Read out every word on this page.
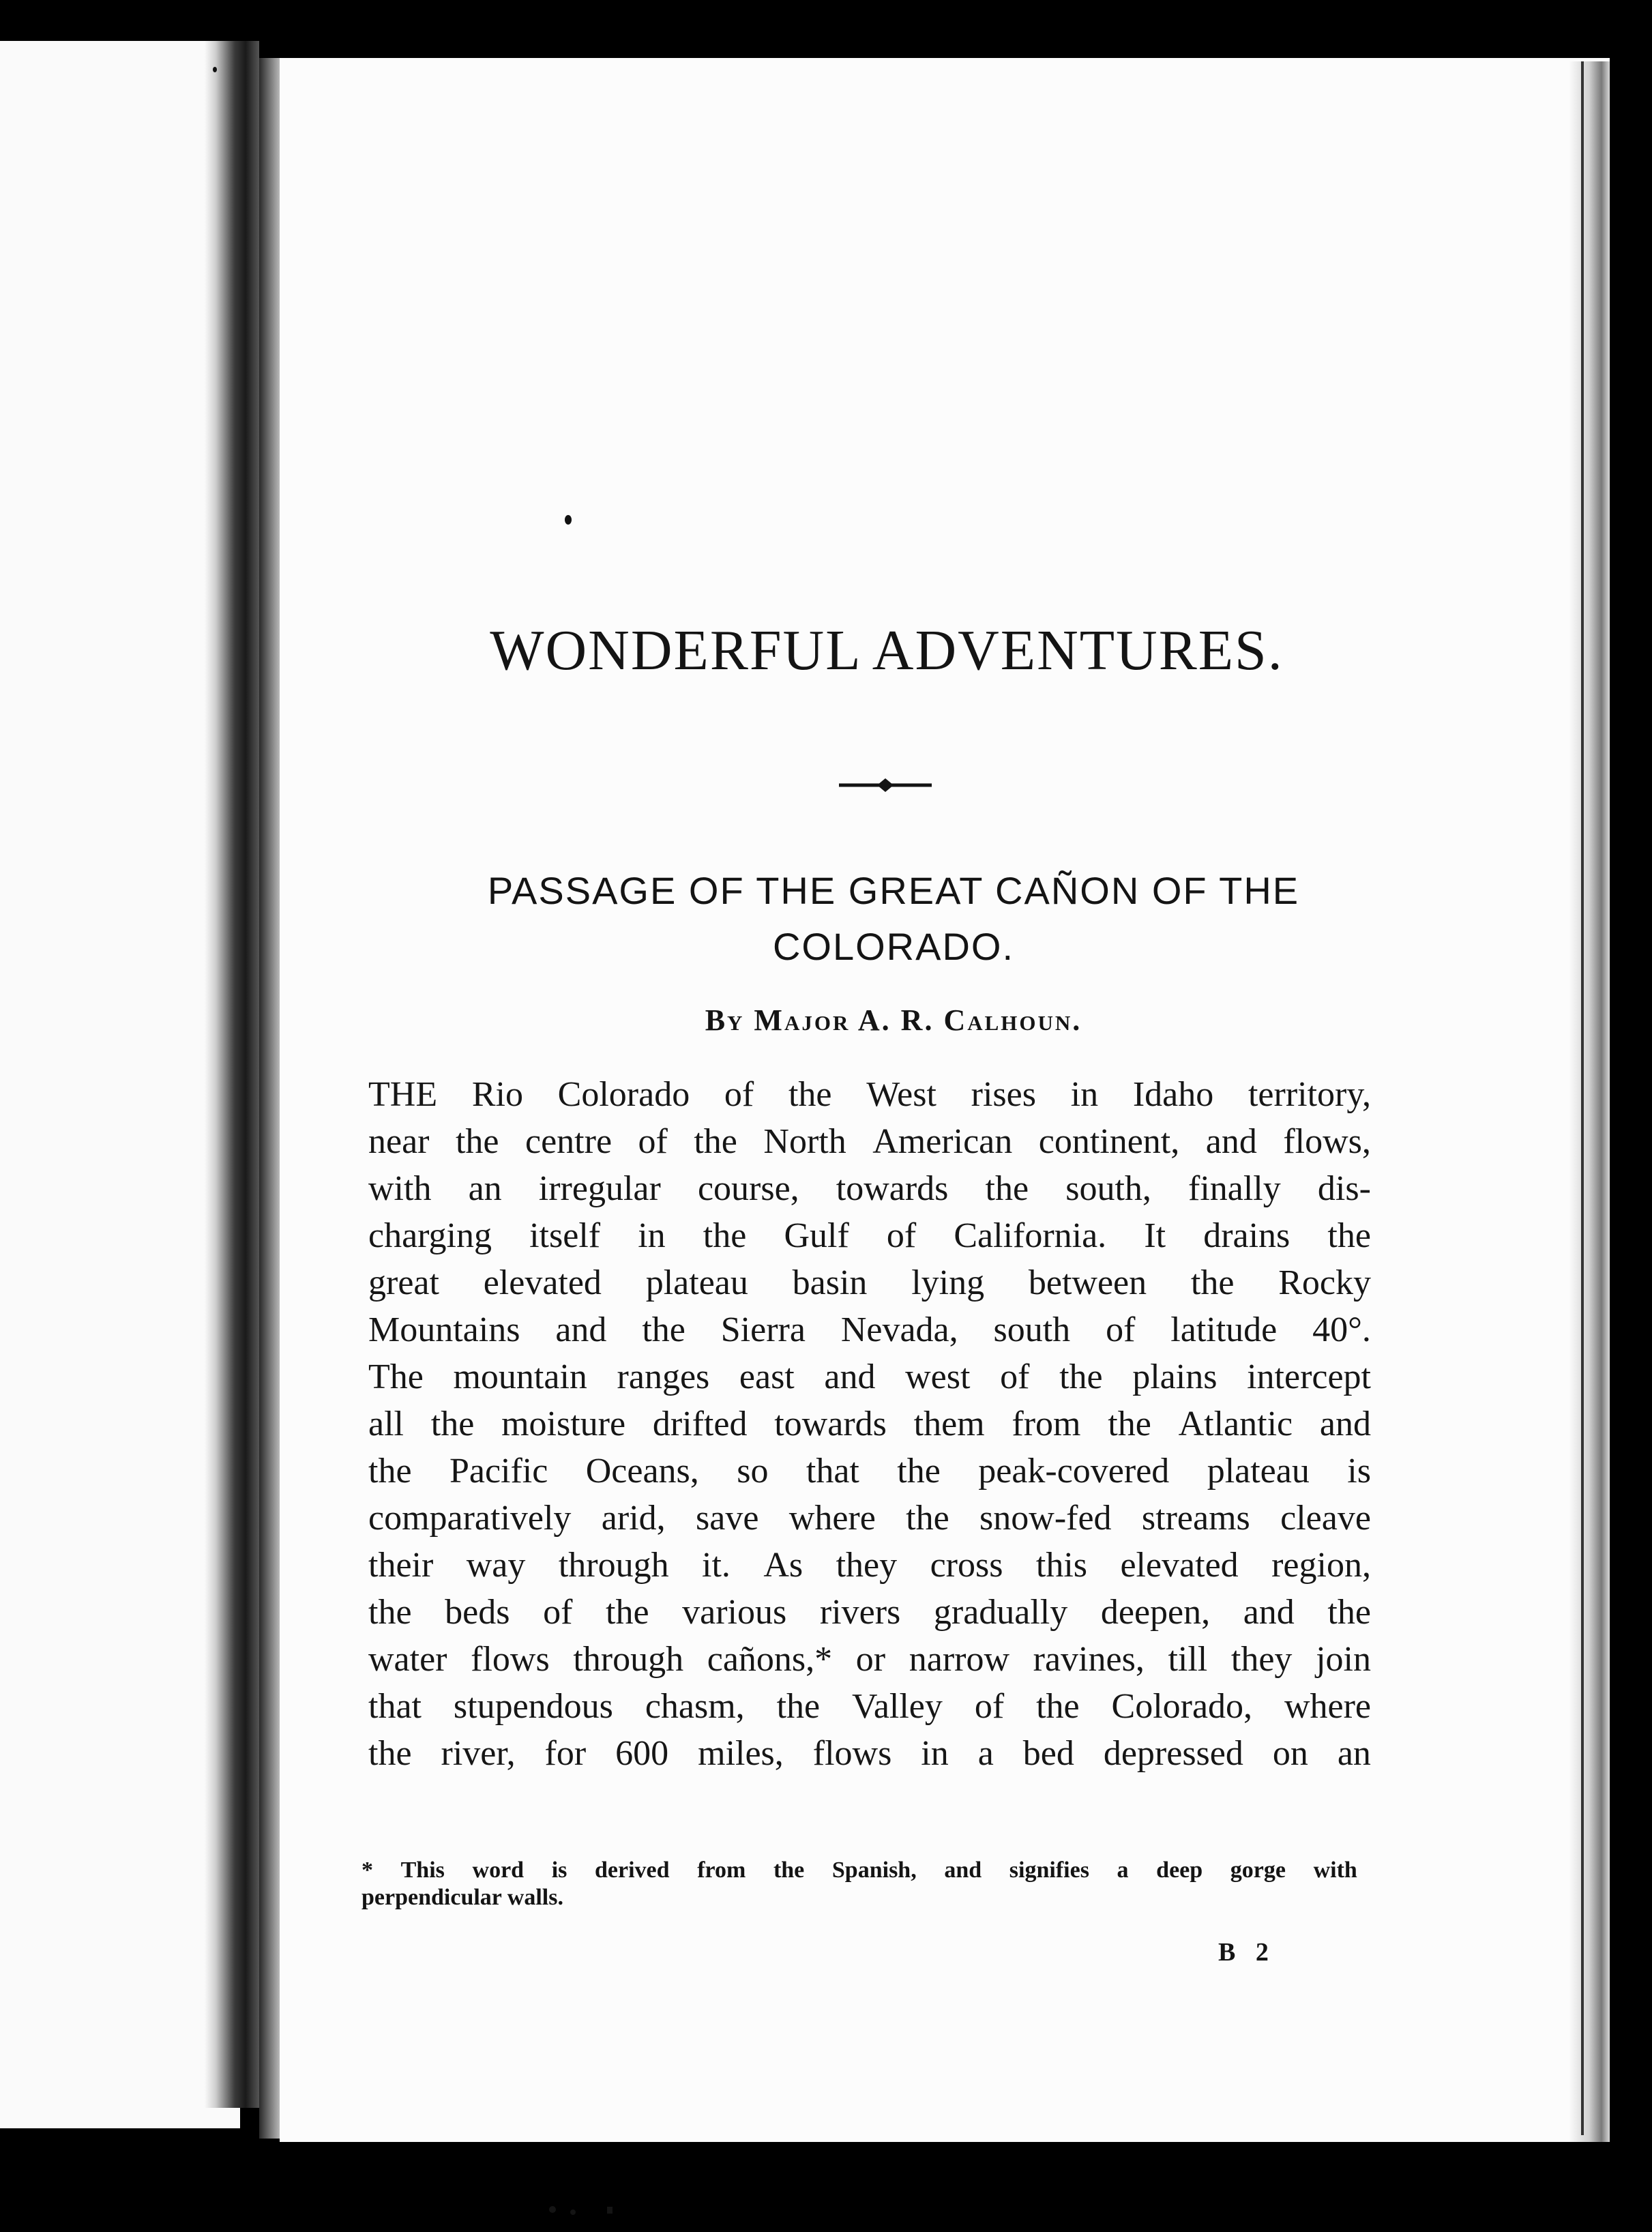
WONDERFUL ADVENTURES.
PASSAGE OF THE GREAT CAÑON OF THE COLORADO.
By Major A. R. Calhoun.
THE Rio Colorado of the West rises in Idaho territory,
near the centre of the North American continent, and flows,
with an irregular course, towards the south, finally dis-
charging itself in the Gulf of California. It drains the
great elevated plateau basin lying between the Rocky
Mountains and the Sierra Nevada, south of latitude 40°.
The mountain ranges east and west of the plains intercept
all the moisture drifted towards them from the Atlantic and
the Pacific Oceans, so that the peak-covered plateau is
comparatively arid, save where the snow-fed streams cleave
their way through it. As they cross this elevated region,
the beds of the various rivers gradually deepen, and the
water flows through cañons,* or narrow ravines, till they join
that stupendous chasm, the Valley of the Colorado, where
the river, for 600 miles, flows in a bed depressed on an
* This word is derived from the Spanish, and signifies a deep gorge with
perpendicular walls.
B 2
